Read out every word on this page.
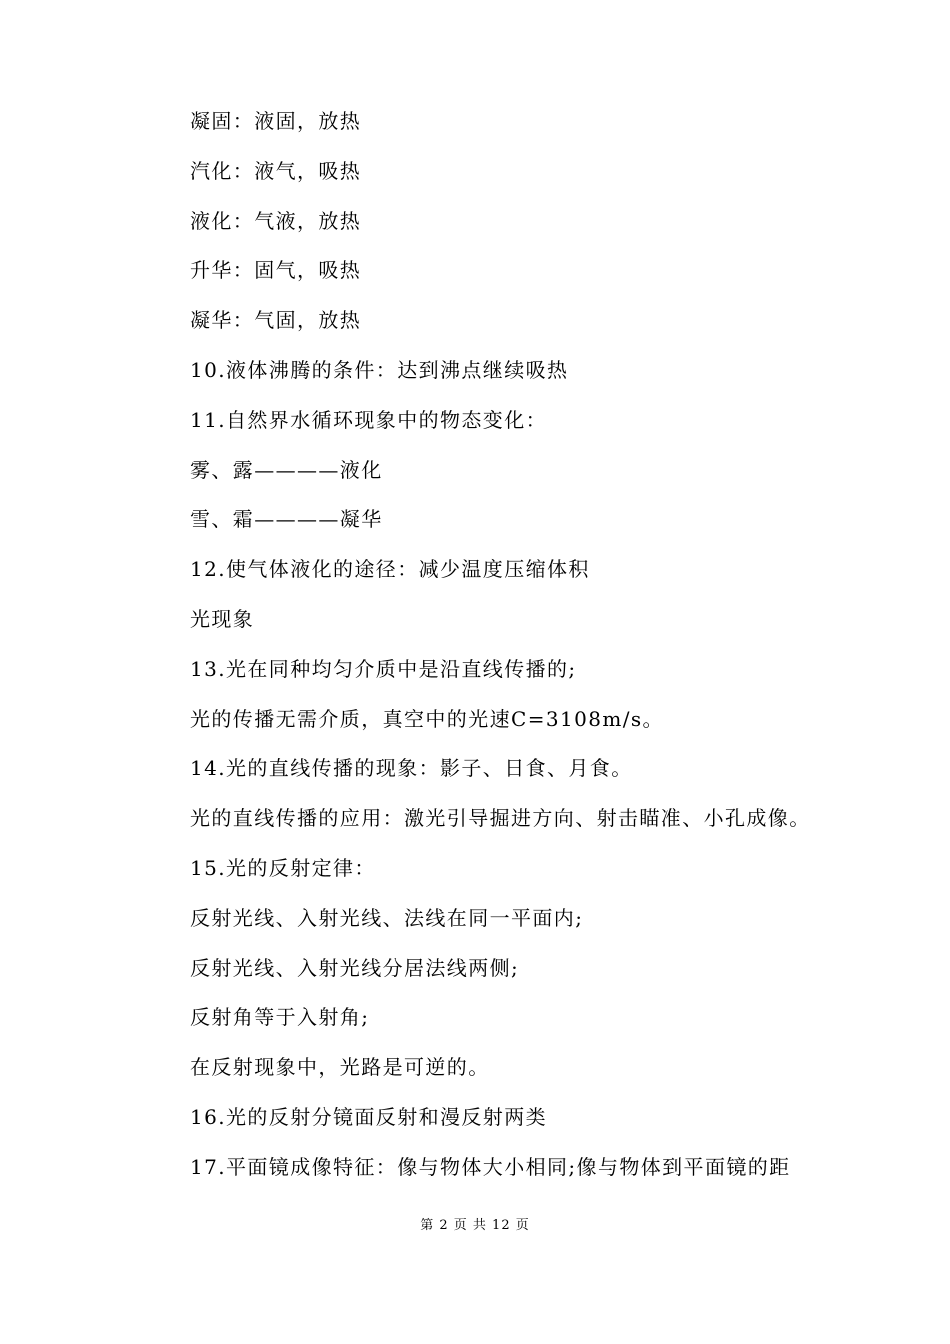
凝固：液固，放热
汽化：液气，吸热
液化：气液，放热
升华：固气，吸热
凝华：气固，放热
10.液体沸腾的条件：达到沸点继续吸热
11.自然界水循环现象中的物态变化：
雾、露————液化
雪、霜————凝华
12.使气体液化的途径：减少温度压缩体积
光现象
13.光在同种均匀介质中是沿直线传播的;
光的传播无需介质，真空中的光速C=3108m/s。
14.光的直线传播的现象：影子、日食、月食。
光的直线传播的应用：激光引导掘进方向、射击瞄准、小孔成像。
15.光的反射定律：
反射光线、入射光线、法线在同一平面内;
反射光线、入射光线分居法线两侧;
反射角等于入射角;
在反射现象中，光路是可逆的。
16.光的反射分镜面反射和漫反射两类
17.平面镜成像特征：像与物体大小相同;像与物体到平面镜的距
第 2 页 共 12 页
